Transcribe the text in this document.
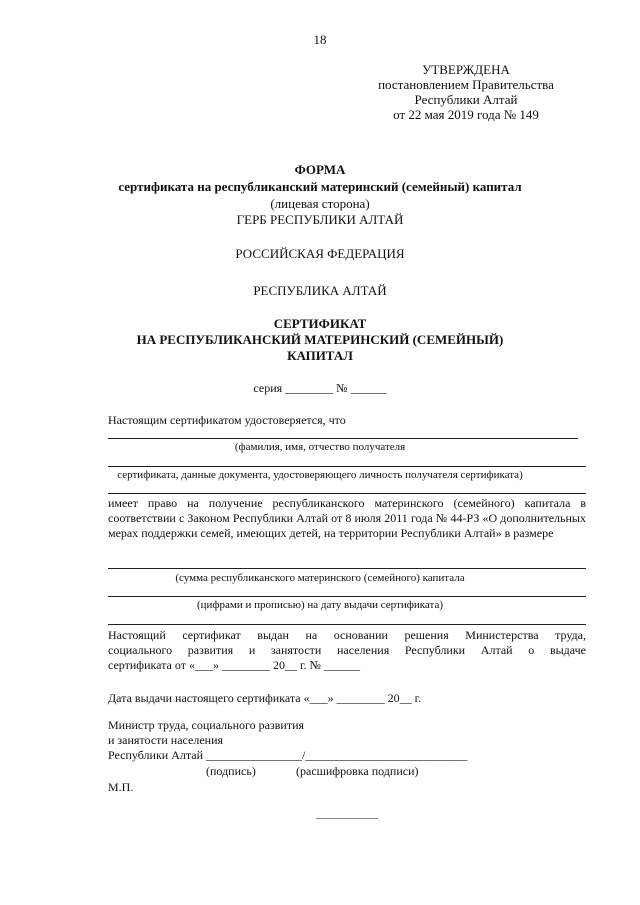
18
УТВЕРЖДЕНА
постановлением Правительства
Республики Алтай
от 22 мая 2019 года № 149
ФОРМА
сертификата на республиканский материнский (семейный) капитал
(лицевая сторона)
ГЕРБ РЕСПУБЛИКИ АЛТАЙ
РОССИЙСКАЯ ФЕДЕРАЦИЯ
РЕСПУБЛИКА АЛТАЙ
СЕРТИФИКАТ
НА РЕСПУБЛИКАНСКИЙ МАТЕРИНСКИЙ (СЕМЕЙНЫЙ)
КАПИТАЛ
серия ________ № ______
Настоящим сертификатом удостоверяется, что
(фамилия, имя, отчество получателя
сертификата, данные документа, удостоверяющего личность получателя сертификата)
имеет право на получение республиканского материнского (семейного) капитала в соответствии с Законом Республики Алтай от 8 июля 2011 года № 44-РЗ «О дополнительных мерах поддержки семей, имеющих детей, на территории Республики Алтай» в размере
(сумма республиканского материнского (семейного) капитала
(цифрами и прописью) на дату выдачи сертификата)
Настоящий сертификат выдан на основании решения Министерства труда,
социального развития и занятости населения Республики Алтай о выдаче
сертификата от «___» ________ 20__ г. № ______
Дата выдачи настоящего сертификата «___» ________ 20__ г.
Министр труда, социального развития
и занятости населения
Республики Алтай ________________/___________________________
(подпись)	(расшифровка подписи)
М.П.
